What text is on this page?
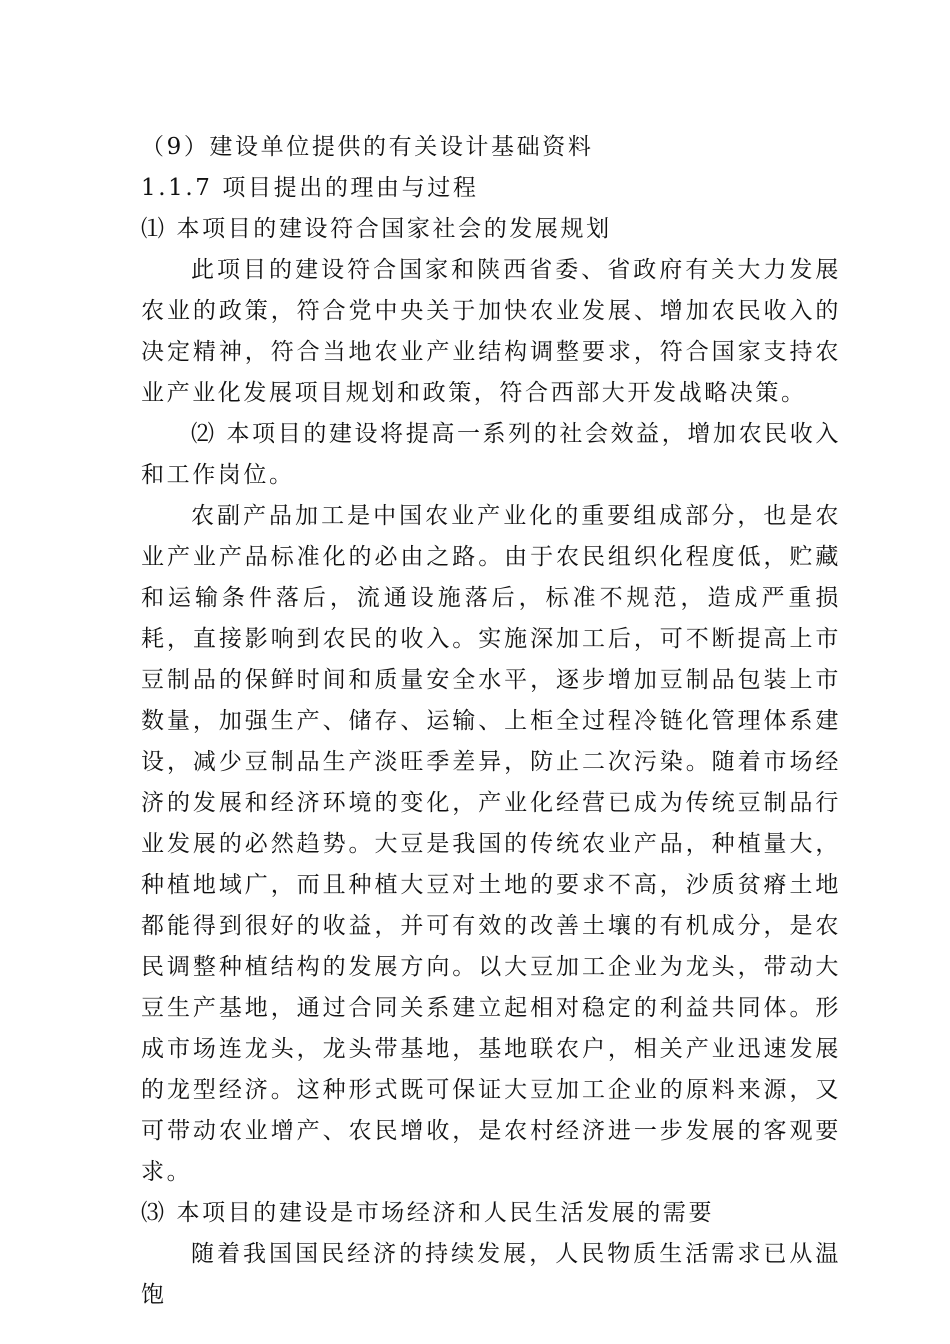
（9）建设单位提供的有关设计基础资料

1.1.7 项目提出的理由与过程

⑴ 本项目的建设符合国家社会的发展规划

此项目的建设符合国家和陕西省委、省政府有关大力发展农业的政策，符合党中央关于加快农业发展、增加农民收入的决定精神，符合当地农业产业结构调整要求，符合国家支持农业产业化发展项目规划和政策，符合西部大开发战略决策。

⑵ 本项目的建设将提高一系列的社会效益，增加农民收入和工作岗位。

农副产品加工是中国农业产业化的重要组成部分，也是农业产业产品标准化的必由之路。由于农民组织化程度低，贮藏和运输条件落后，流通设施落后，标准不规范，造成严重损耗，直接影响到农民的收入。实施深加工后，可不断提高上市豆制品的保鲜时间和质量安全水平，逐步增加豆制品包装上市数量，加强生产、储存、运输、上柜全过程冷链化管理体系建设，减少豆制品生产淡旺季差异，防止二次污染。随着市场经济的发展和经济环境的变化，产业化经营已成为传统豆制品行业发展的必然趋势。大豆是我国的传统农业产品，种植量大，种植地域广，而且种植大豆对土地的要求不高，沙质贫瘠土地都能得到很好的收益，并可有效的改善土壤的有机成分，是农民调整种植结构的发展方向。以大豆加工企业为龙头，带动大豆生产基地，通过合同关系建立起相对稳定的利益共同体。形成市场连龙头，龙头带基地，基地联农户，相关产业迅速发展的龙型经济。这种形式既可保证大豆加工企业的原料来源，又可带动农业增产、农民增收，是农村经济进一步发展的客观要求。

⑶ 本项目的建设是市场经济和人民生活发展的需要

随着我国国民经济的持续发展，人民物质生活需求已从温饱
